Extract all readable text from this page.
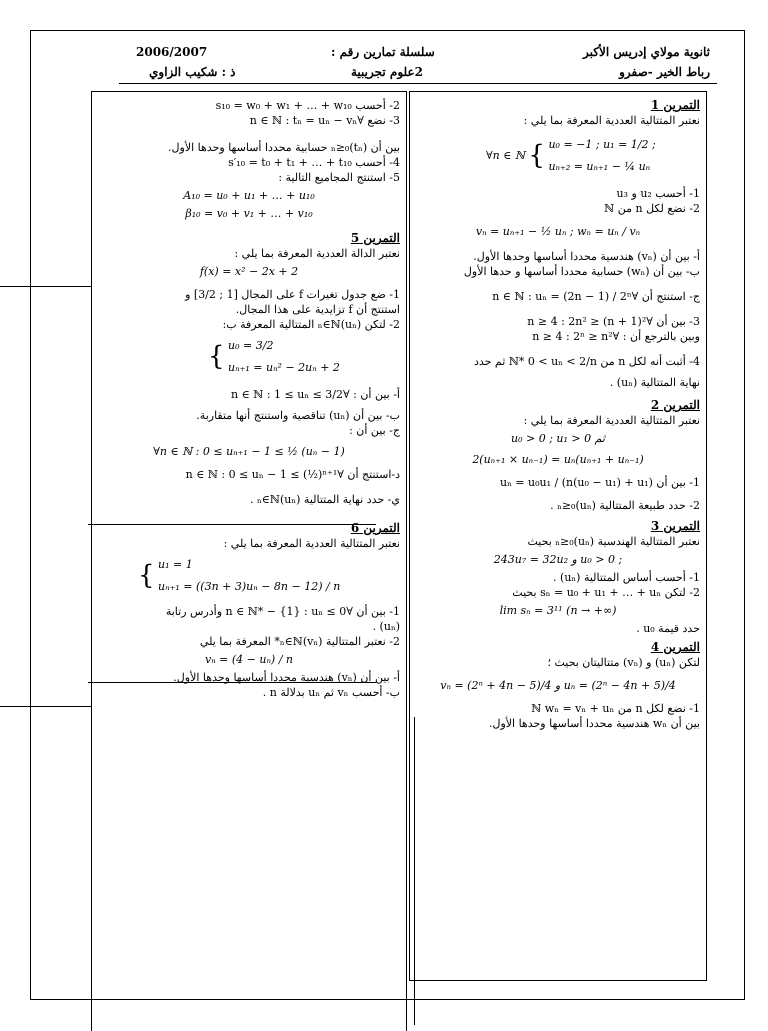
ثانوية مولاي إدريس الأكبر
رباط الخير -صفرو
سلسلة تمارين رقم :
2علوم تجريبية
2006/2007
ذ : شكيب الزاوي

التمرين 1

نعتبر المتتالية العددية المعرفة بما يلي :

∀n ∈ ℕ { u₀ = −1 ; u₁ = 1/2 ;
uₙ₊₂ = uₙ₊₁ − ¼ uₙ

1- أحسب u₂ و u₃

2- نضع لكل n من ℕ

vₙ = uₙ₊₁ − ½ uₙ ; wₙ = uₙ / vₙ

أ- بين أن (vₙ) هندسية محددا أساسها وحدها الأول.

ب- بين أن (wₙ) حسابية محددا أساسها و حدها الأول

ج- استنتج أن ∀n ∈ ℕ : uₙ = (2n − 1) / 2ⁿ

3- بين أن ∀n ≥ 4 : 2n² ≥ (n + 1)²

وبين بالترجع أن : ∀n ≥ 4 : 2ⁿ ≥ n²

4- أثبت أنه لكل n من ℕ* 0 < uₙ < 2/n ثم حدد

نهاية المتتالية (uₙ) .

التمرين 2

نعتبر المتتالية العددية المعرفة بما يلي :

u₀ > 0 ; u₁ > 0 ثم
2(uₙ₊₁ × uₙ₋₁) = uₙ(uₙ₊₁ + uₙ₋₁)

1- بين أن uₙ = u₀u₁ / (n(u₀ − u₁) + u₁)

2- حدد طبيعة المتتالية (uₙ)ₙ≥₀ .

التمرين 3

نعتبر المتتالية الهندسية (uₙ)ₙ≥₀ بحيث

243u₇ = 32u₂ و u₀ > 0 ;

1- أحسب أساس المتتالية (uₙ) .

2- لتكن sₙ = u₀ + u₁ + … + uₙ بحيث

lim sₙ = 3¹¹ (n → +∞)

حدد قيمة u₀ .

التمرين 4

لتكن (uₙ) و (vₙ) متتاليتان بحيث ؛

vₙ = (2ⁿ + 4n − 5)/4 و uₙ = (2ⁿ − 4n + 5)/4

1- نضع لكل n من ℕ wₙ = vₙ + uₙ

بين أن wₙ هندسية محددا أساسها وحدها الأول.

2- أحسب s₁₀ = w₀ + w₁ + … + w₁₀

3- نضع ∀n ∈ ℕ : tₙ = uₙ − vₙ

بين أن (tₙ)ₙ≥₀ حسابية محددا أساسها وحدها الأول.

4- أحسب s′₁₀ = t₀ + t₁ + … + t₁₀

5- استنتج المجاميع التالية :

A₁₀ = u₀ + u₁ + … + u₁₀
β₁₀ = v₀ + v₁ + … + v₁₀

التمرين 5

نعتبر الدالة العددية المعرفة بما يلي :

f(x) = x² − 2x + 2

1- ضع جدول تغيرات f على المجال [1 ; 3/2] و

استنتج أن f تزايدية على هذا المجال.

2- لتكن (uₙ)ₙ∈ℕ المتتالية المعرفة ب:

{ u₀ = 3/2
uₙ₊₁ = uₙ² − 2uₙ + 2

أ- بين أن : ∀n ∈ ℕ : 1 ≤ uₙ ≤ 3/2

ب- بين أن (uₙ) تناقصية واستنتج أنها متقاربة.

ج- بين أن :

∀n ∈ ℕ : 0 ≤ uₙ₊₁ − 1 ≤ ½ (uₙ − 1)

د-استنتج أن ∀n ∈ ℕ : 0 ≤ uₙ − 1 ≤ (½)ⁿ⁺¹

ي- حدد نهاية المتتالية (uₙ)ₙ∈ℕ .

التمرين 6

نعتبر المتتالية العددية المعرفة بما يلي :

{ u₁ = 1
uₙ₊₁ = ((3n + 3)uₙ − 8n − 12) / n

1- بين أن ∀n ∈ ℕ* − {1} : uₙ ≤ 0 وأدرس رتابة

(uₙ) .

2- نعتبر المتتالية (vₙ)ₙ∈ℕ* المعرفة بما يلي

vₙ = (4 − uₙ) / n

أ- بين أن (vₙ) هندسية محددا أساسها وحدها الأول.

ب- أحسب vₙ ثم uₙ بدلالة n .
